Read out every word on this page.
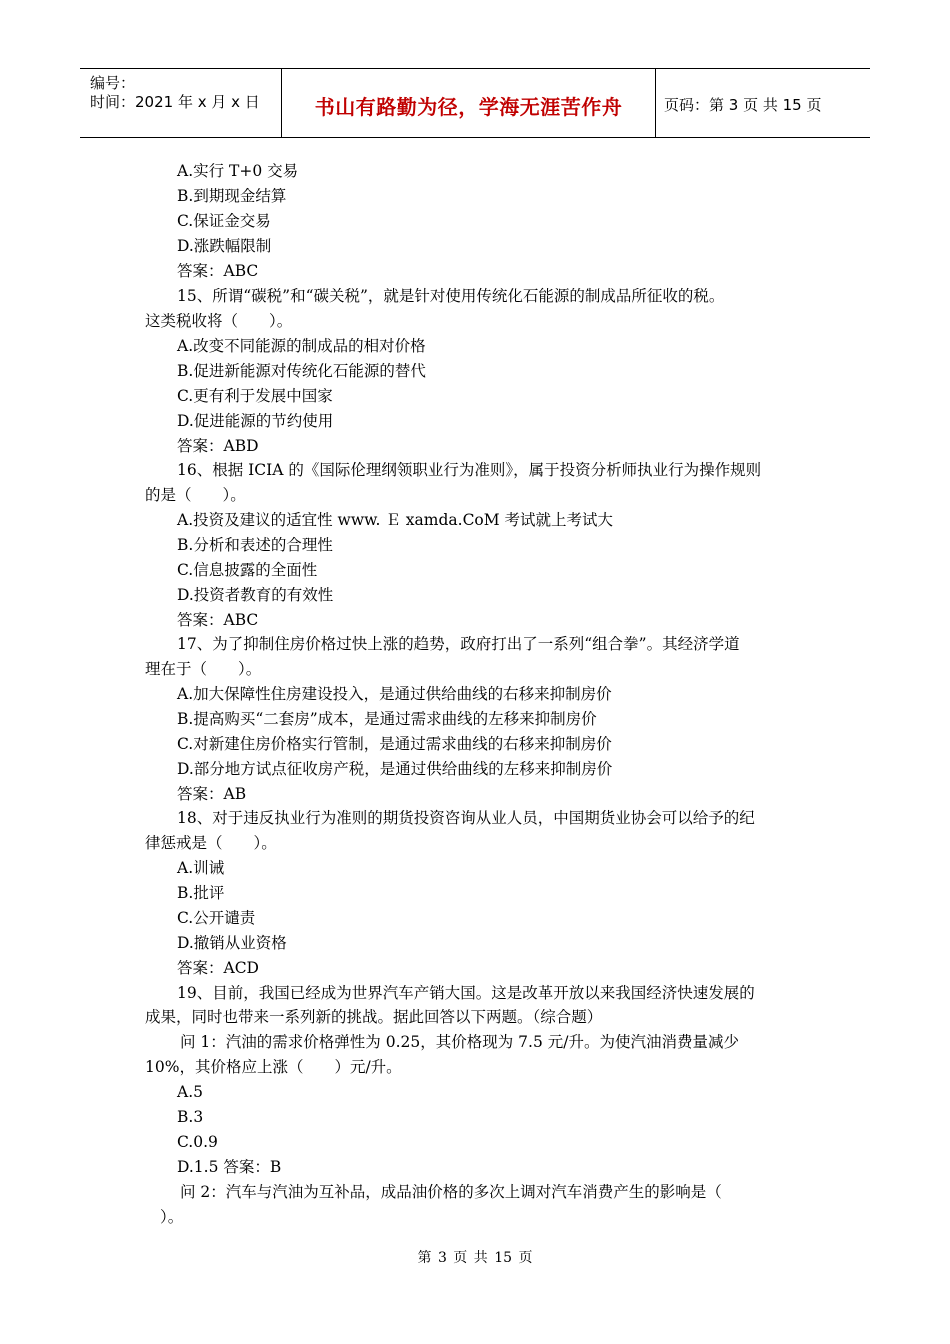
编号：
时间：2021 年 x 月 x 日	书山有路勤为径，学海无涯苦作舟	页码：第 3 页 共 15 页
A.实行 T+0 交易
B.到期现金结算
C.保证金交易
D.涨跌幅限制
答案：ABC
15、所谓“碳税”和“碳关税”，就是针对使用传统化石能源的制成品所征收的税。
这类税收将（　　）。
A.改变不同能源的制成品的相对价格
B.促进新能源对传统化石能源的替代
C.更有利于发展中国家
D.促进能源的节约使用
答案：ABD
16、根据 ICIA 的《国际伦理纲领职业行为准则》，属于投资分析师执业行为操作规则
的是（　　）。
A.投资及建议的适宜性 www. Ｅ xamda.CoM 考试就上考试大
B.分析和表述的合理性
C.信息披露的全面性
D.投资者教育的有效性
答案：ABC
17、为了抑制住房价格过快上涨的趋势，政府打出了一系列“组合拳”。其经济学道
理在于（　　）。
A.加大保障性住房建设投入，是通过供给曲线的右移来抑制房价
B.提高购买“二套房”成本，是通过需求曲线的左移来抑制房价
C.对新建住房价格实行管制，是通过需求曲线的右移来抑制房价
D.部分地方试点征收房产税，是通过供给曲线的左移来抑制房价
答案：AB
18、对于违反执业行为准则的期货投资咨询从业人员，中国期货业协会可以给予的纪
律惩戒是（　　）。
A.训诫
B.批评
C.公开谴责
D.撤销从业资格
答案：ACD
19、目前，我国已经成为世界汽车产销大国。这是改革开放以来我国经济快速发展的
成果，同时也带来一系列新的挑战。据此回答以下两题。（综合题）
问 1：汽油的需求价格弹性为 0.25，其价格现为 7.5 元/升。为使汽油消费量减少
10%，其价格应上涨（　　）元/升。
A.5
B.3
C.0.9
D.1.5 答案：B
问 2：汽车与汽油为互补品，成品油价格的多次上调对汽车消费产生的影响是（
）。
第 3 页 共 15 页
